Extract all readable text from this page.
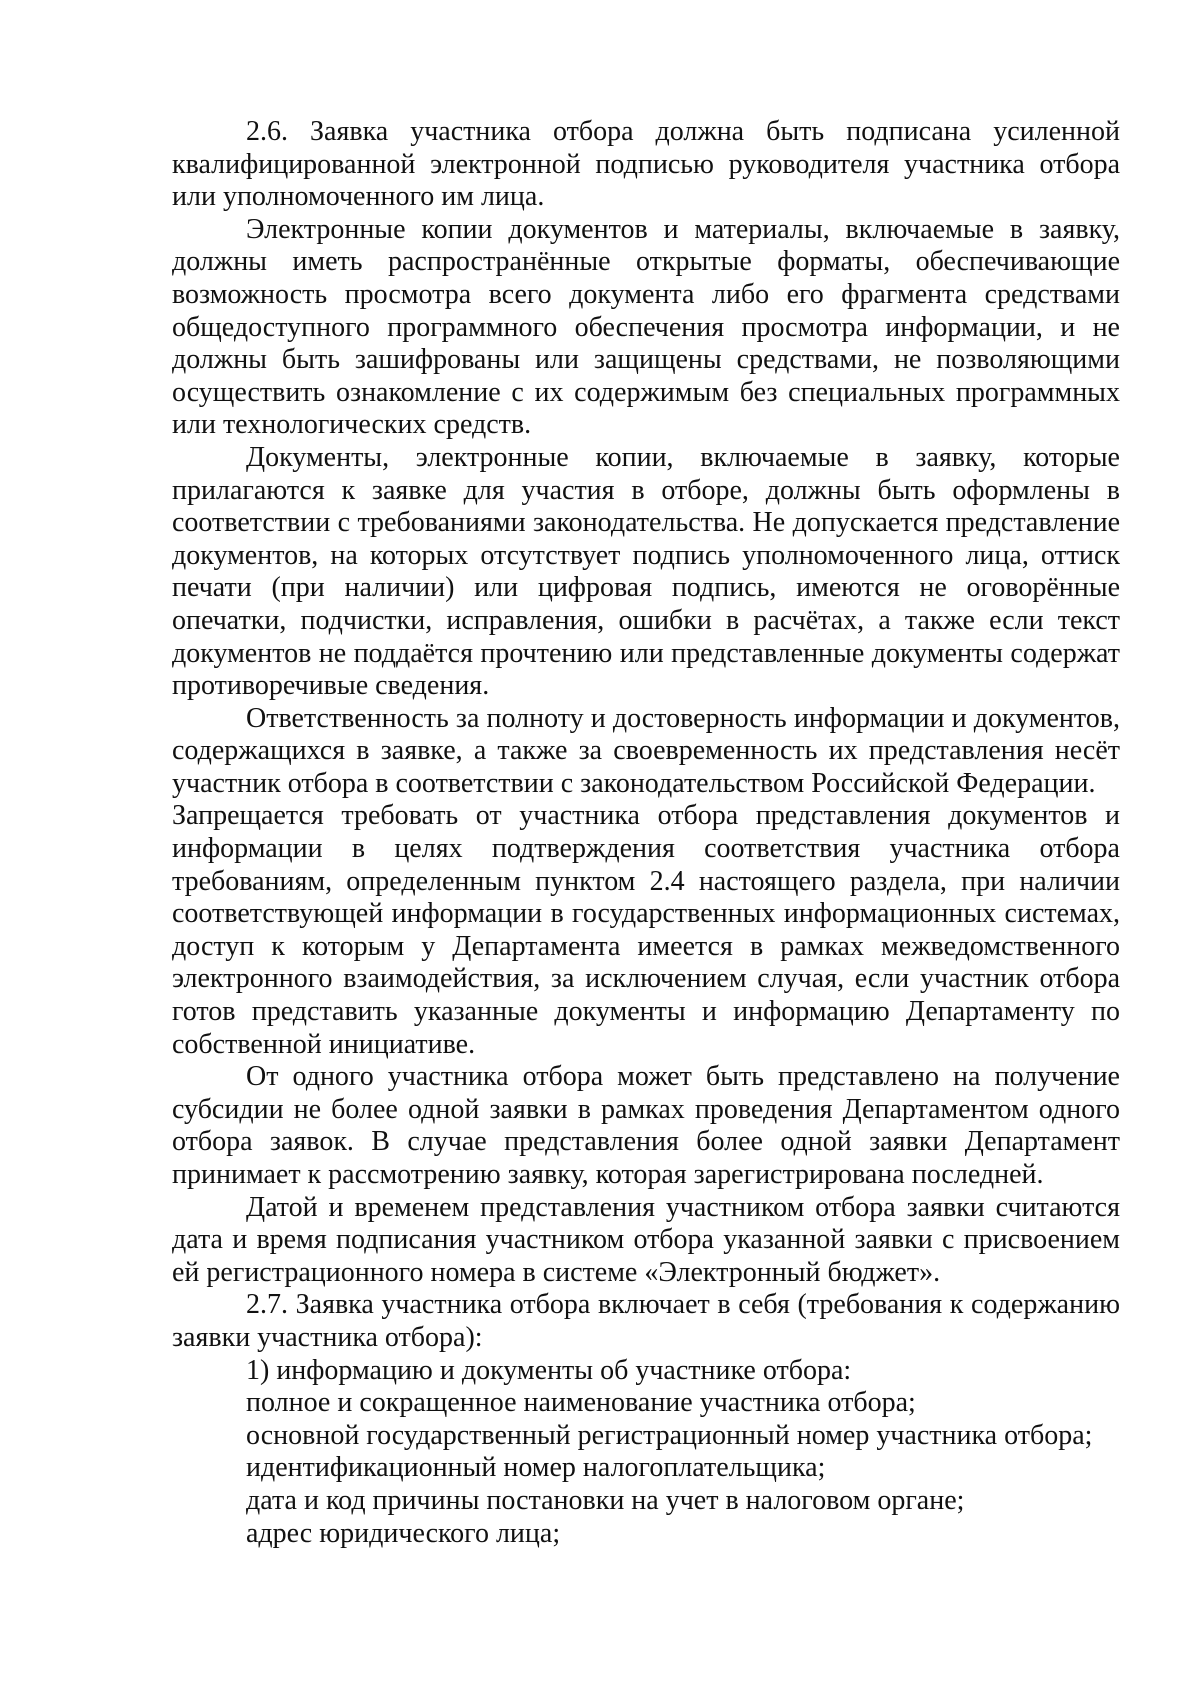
2.6. Заявка участника отбора должна быть подписана усиленной квалифицированной электронной подписью руководителя участника отбора или уполномоченного им лица.

Электронные копии документов и материалы, включаемые в заявку, должны иметь распространённые открытые форматы, обеспечивающие возможность просмотра всего документа либо его фрагмента средствами общедоступного программного обеспечения просмотра информации, и не должны быть зашифрованы или защищены средствами, не позволяющими осуществить ознакомление с их содержимым без специальных программных или технологических средств.

Документы, электронные копии, включаемые в заявку, которые прилагаются к заявке для участия в отборе, должны быть оформлены в соответствии с требованиями законодательства. Не допускается представление документов, на которых отсутствует подпись уполномоченного лица, оттиск печати (при наличии) или цифровая подпись, имеются не оговорённые опечатки, подчистки, исправления, ошибки в расчётах, а также если текст документов не поддаётся прочтению или представленные документы содержат противоречивые сведения.

Ответственность за полноту и достоверность информации и документов, содержащихся в заявке, а также за своевременность их представления несёт участник отбора в соответствии с законодательством Российской Федерации.

Запрещается требовать от участника отбора представления документов и информации в целях подтверждения соответствия участника отбора требованиям, определенным пунктом 2.4 настоящего раздела, при наличии соответствующей информации в государственных информационных системах, доступ к которым у Департамента имеется в рамках межведомственного электронного взаимодействия, за исключением случая, если участник отбора готов представить указанные документы и информацию Департаменту по собственной инициативе.

От одного участника отбора может быть представлено на получение субсидии не более одной заявки в рамках проведения Департаментом одного отбора заявок. В случае представления более одной заявки Департамент принимает к рассмотрению заявку, которая зарегистрирована последней.

Датой и временем представления участником отбора заявки считаются дата и время подписания участником отбора указанной заявки с присвоением ей регистрационного номера в системе «Электронный бюджет».

2.7. Заявка участника отбора включает в себя (требования к содержанию заявки участника отбора):

1) информацию и документы об участнике отбора:

полное и сокращенное наименование участника отбора;

основной государственный регистрационный номер участника отбора;

идентификационный номер налогоплательщика;

дата и код причины постановки на учет в налоговом органе;

адрес юридического лица;
